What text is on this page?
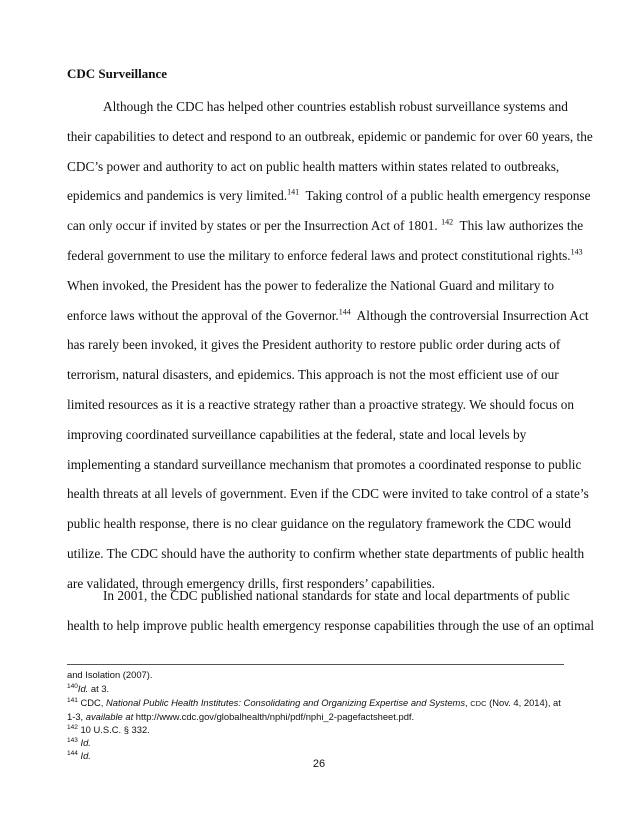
CDC Surveillance
Although the CDC has helped other countries establish robust surveillance systems and
their capabilities to detect and respond to an outbreak, epidemic or pandemic for over 60 years, the
CDC’s power and authority to act on public health matters within states related to outbreaks,
epidemics and pandemics is very limited.$^{141}$  Taking control of a public health emergency response
can only occur if invited by states or per the Insurrection Act of 1801. $^{142}$  This law authorizes the
federal government to use the military to enforce federal laws and protect constitutional rights.$^{143}$
When invoked, the President has the power to federalize the National Guard and military to
enforce laws without the approval of the Governor.$^{144}$  Although the controversial Insurrection Act
has rarely been invoked, it gives the President authority to restore public order during acts of
terrorism, natural disasters, and epidemics. This approach is not the most efficient use of our
limited resources as it is a reactive strategy rather than a proactive strategy. We should focus on
improving coordinated surveillance capabilities at the federal, state and local levels by
implementing a standard surveillance mechanism that promotes a coordinated response to public
health threats at all levels of government. Even if the CDC were invited to take control of a state’s
public health response, there is no clear guidance on the regulatory framework the CDC would
utilize. The CDC should have the authority to confirm whether state departments of public health
are validated, through emergency drills, first responders’ capabilities.
In 2001, the CDC published national standards for state and local departments of public
health to help improve public health emergency response capabilities through the use of an optimal
and Isolation (2007).
$^{140}$Id. at 3.
$^{141}$ CDC, National Public Health Institutes: Consolidating and Organizing Expertise and Systems, CDC (Nov. 4, 2014), at
1-3, available at http://www.cdc.gov/globalhealth/nphi/pdf/nphi_2-pagefactsheet.pdf.
$^{142}$ 10 U.S.C. § 332.
$^{143}$ Id.
$^{144}$ Id.
26
